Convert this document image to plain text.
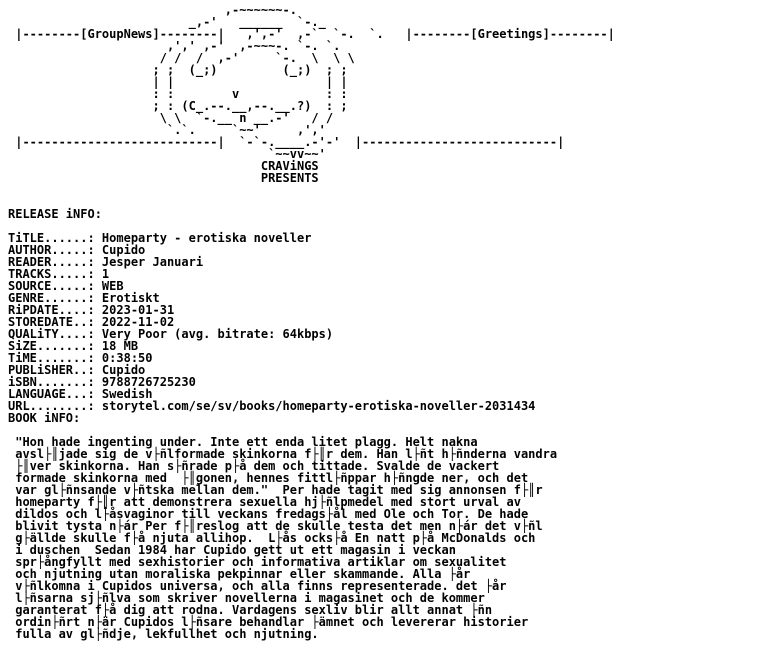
,-~~~~~~-.
_,-'   ______  `-._
|--------[GroupNews]--------|   ,',-'  ,-`  `-.  `.   |--------[Greetings]--------|
,',' ,-'  ,-~~~-. `-. `.
/ /  /  ,-'     `-.  \  \ \
; ;  (_;)         (_;)  ; ;
| |                     | |
: :        v            : :
; : (C_.--.__,--.__.?)  : ;
\ \  `-.__ n __.-'   / /
`.`.     `~~'     ,','
|---------------------------|  `-`-.____.-'-'  |---------------------------|
`~~vv~~'
CRAViNGS
PRESENTS

RELEASE iNFO:

TiTLE......: Homeparty - erotiska noveller
AUTHOR.....: Cupido
READER.....: Jesper Januari
TRACKS.....: 1
SOURCE.....: WEB
GENRE......: Erotiskt
RiPDATE....: 2023-01-31
STOREDATE..: 2022-11-02
QUALiTY....: Very Poor (avg. bitrate: 64kbps)
SiZE.......: 18 MB
TiME.......: 0:38:50
PUBLiSHER..: Cupido
iSBN.......: 9788726725230
LANGUAGE...: Swedish
URL........: storytel.com/se/sv/books/homeparty-erotiska-noveller-2031434
BOOK iNFO:

"Hon hade ingenting under. Inte ett enda litet plagg. Helt nakna
avsl├║jade sig de v├ñlformade skinkorna f├║r dem. Han l├ñt h├ñnderna vandra
├║ver skinkorna. Han s├ñrade p├å dem och tittade. Svalde de vackert
formade skinkorna med  ├║gonen, hennes fittl├ñppar h├ñngde ner, och det
var gl├ñnsande v├ñtska mellan dem."  Per hade tagit med sig annonsen f├║r
homeparty f├║r att demonstrera sexuella hj├ñlpmedel med stort urval av
dildos och l├åsvaginor till veckans fredags├ål med Ole och Tor. De hade
blivit tysta n├ár Per f├║reslog att de skulle testa det men n├ár det v├ñl
g├ällde skulle f├å njuta allihop.  L├ås ocks├å En natt p├å McDonalds och
i duschen  Sedan 1984 har Cupido gett ut ett magasin i veckan
spr├ångfyllt med sexhistorier och informativa artiklar om sexualitet
och njutning utan moraliska pekpinnar eller skammande. Alla ├år
v├ñlkomna i Cupidos universa, och alla finns representerade. det ├år
l├ñsarna sj├ñlva som skriver novellerna i magasinet och de kommer
garanterat f├å dig att rodna. Vardagens sexliv blir allt annat ├ñn
ordin├ñrt n├är Cupidos l├ñsare behandlar ├ämnet och levererar historier
fulla av gl├ñdje, lekfullhet och njutning.
